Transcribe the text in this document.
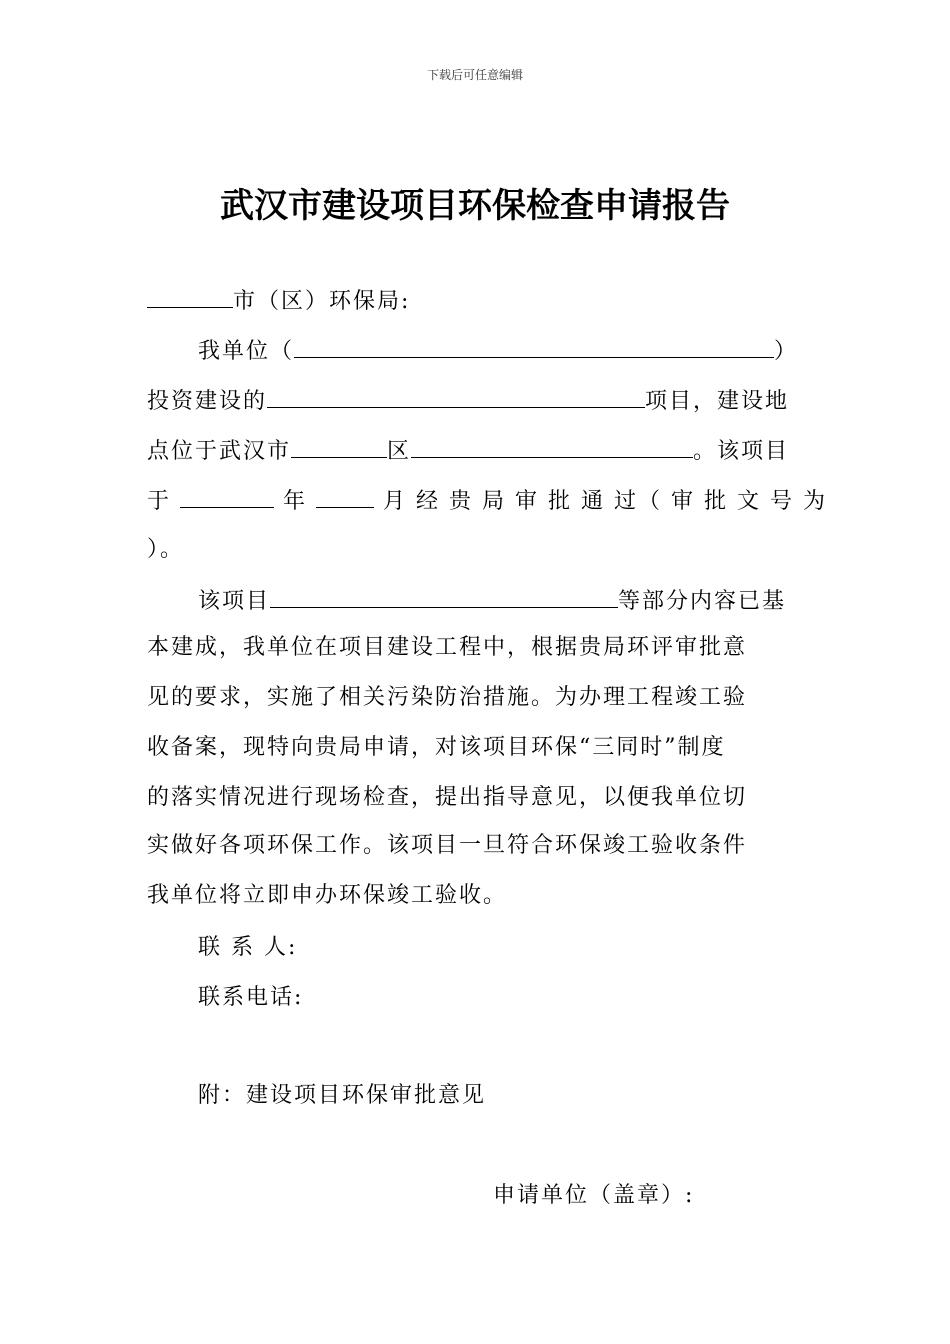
下载后可任意编辑
武汉市建设项目环保检查申请报告
市（区）环保局:
我单位（	）
投资建设的	项目，建设地
点位于武汉市	区	。该项目
于	年	月 经 贵 局 审 批 通 过（ 审 批 文 号 为
）。
该项目	等部分内容已基
本建成，我单位在项目建设工程中，根据贵局环评审批意
见的要求，实施了相关污染防治措施。为办理工程竣工验
收备案，现特向贵局申请，对该项目环保“三同时”制度
的落实情况进行现场检查，提出指导意见，以便我单位切
实做好各项环保工作。该项目一旦符合环保竣工验收条件
我单位将立即申办环保竣工验收。
联 系 人:
联系电话:
附：建设项目环保审批意见
申请单位（盖章）:
